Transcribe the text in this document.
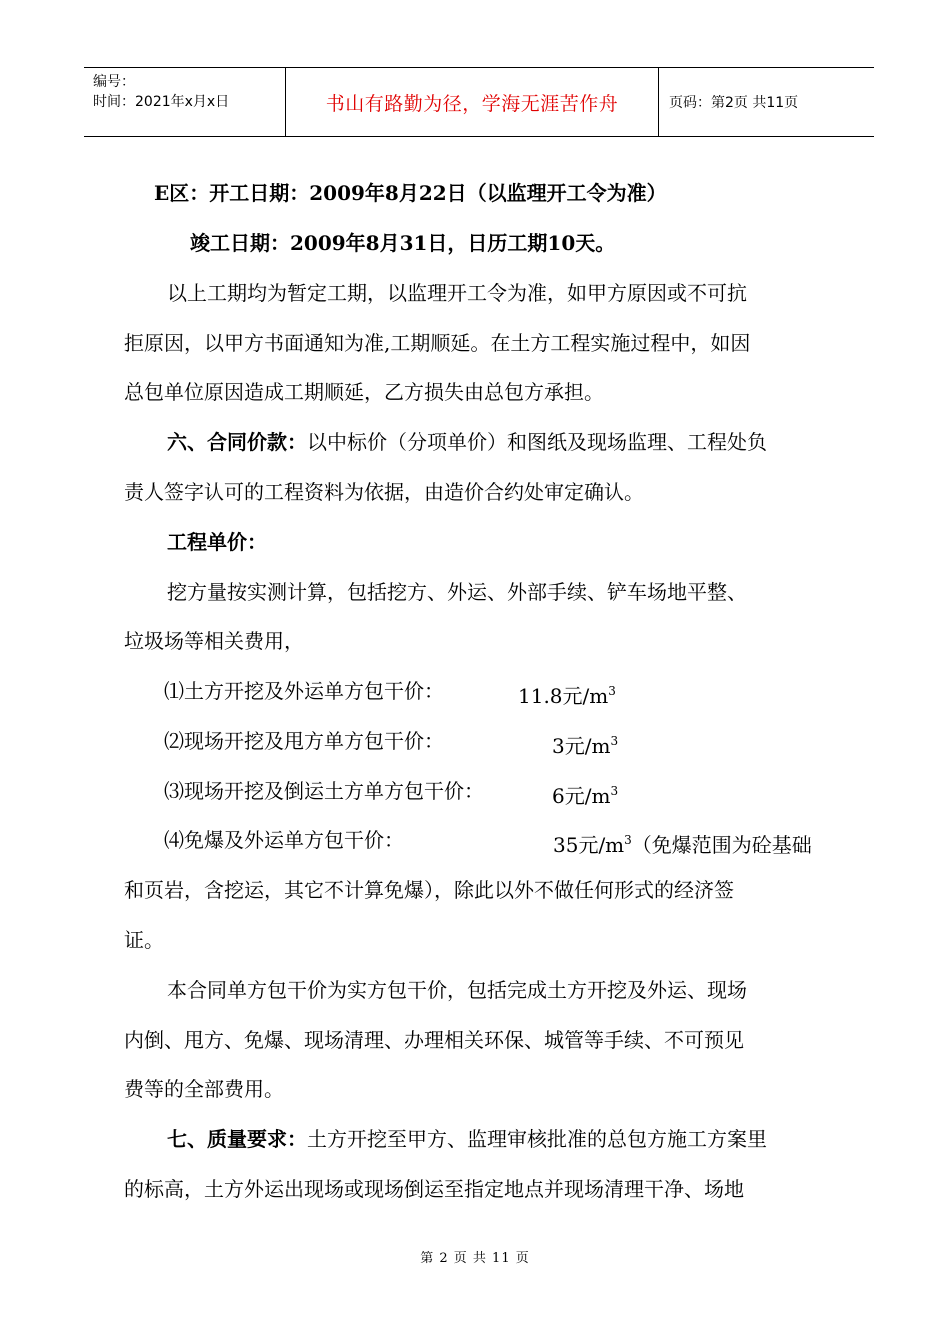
编号：
时间：2021年x月x日	书山有路勤为径，学海无涯苦作舟	页码：第2页 共11页
E区：开工日期：2009年8月22日（以监理开工令为准）
竣工日期：2009年8月31日，日历工期10天。
以上工期均为暂定工期，以监理开工令为准，如甲方原因或不可抗
拒原因，以甲方书面通知为准,工期顺延。在土方工程实施过程中，如因
总包单位原因造成工期顺延，乙方损失由总包方承担。
六、合同价款：以中标价（分项单价）和图纸及现场监理、工程处负
责人签字认可的工程资料为依据，由造价合约处审定确认。
工程单价：
挖方量按实测计算，包括挖方、外运、外部手续、铲车场地平整、
垃圾场等相关费用，
⑴土方开挖及外运单方包干价：	11.8元$/m^3$
⑵现场开挖及甩方单方包干价：	3元$/m^3$
⑶现场开挖及倒运土方单方包干价：	6元$/m^3$
⑷免爆及外运单方包干价：	35元$/m^3$（免爆范围为砼基础
和页岩，含挖运，其它不计算免爆），除此以外不做任何形式的经济签
证。
本合同单方包干价为实方包干价，包括完成土方开挖及外运、现场
内倒、甩方、免爆、现场清理、办理相关环保、城管等手续、不可预见
费等的全部费用。
七、质量要求：土方开挖至甲方、监理审核批准的总包方施工方案里
的标高，土方外运出现场或现场倒运至指定地点并现场清理干净、场地
第 2 页 共 11 页
